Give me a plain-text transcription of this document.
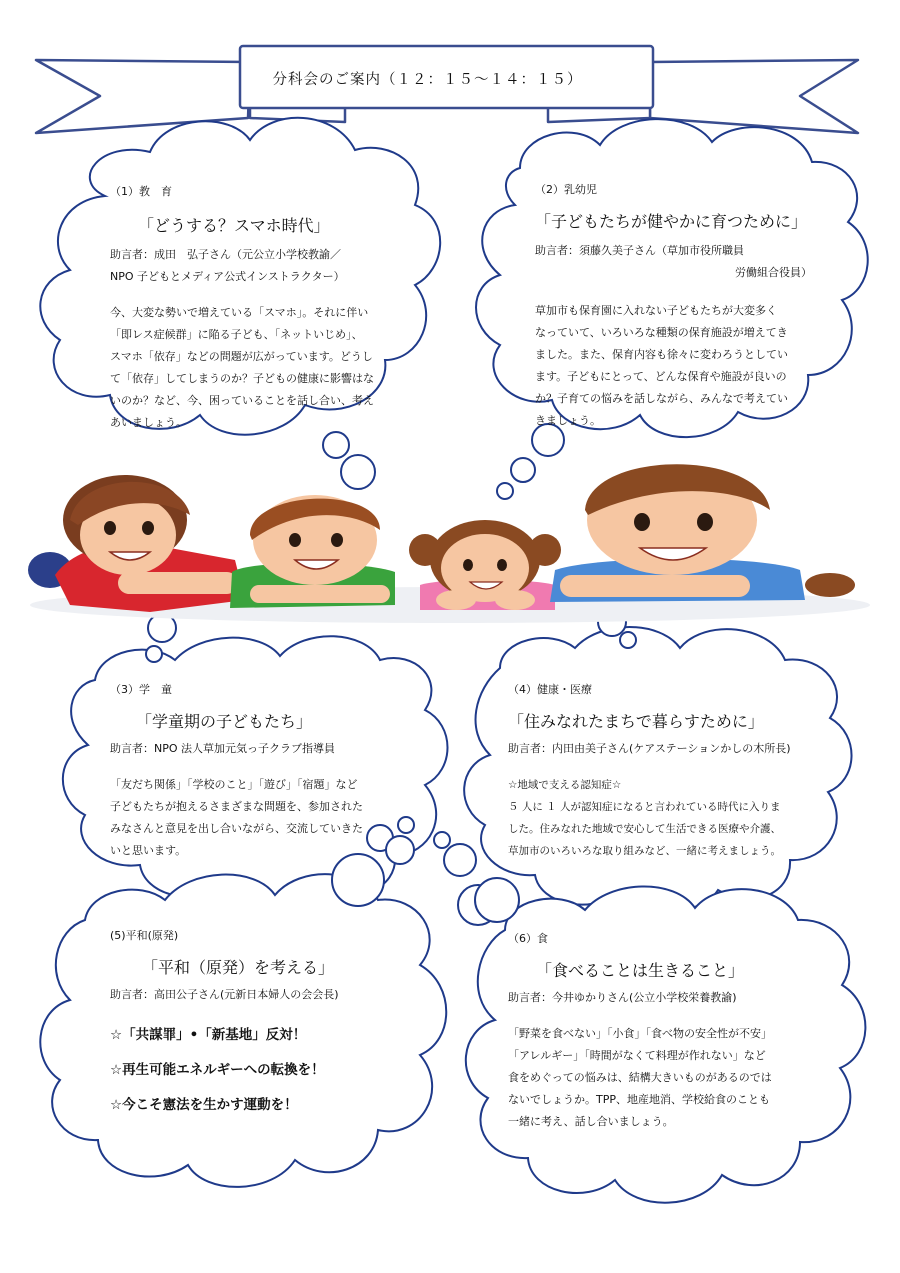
分科会のご案内（１２：１５〜１４：１５）
（1）教　育
「どうする？スマホ時代」
助言者：成田　弘子さん（元公立小学校教諭／
NPO 子どもとメディア公式インストラクター）
今、大変な勢いで増えている「スマホ」。それに伴い
「即レス症候群」に陥る子ども、「ネットいじめ」、
スマホ「依存」などの問題が広がっています。どうし
て「依存」してしまうのか？子どもの健康に影響はな
いのか？など、今、困っていることを話し合い、考え
あいましょう。
（2）乳幼児
「子どもたちが健やかに育つために」
助言者：須藤久美子さん（草加市役所職員
労働組合役員）
草加市も保育園に入れない子どもたちが大変多く
なっていて、いろいろな種類の保育施設が増えてき
ました。また、保育内容も徐々に変わろうとしてい
ます。子どもにとって、どんな保育や施設が良いの
か？子育ての悩みを話しながら、みんなで考えてい
きましょう。
（3）学　童
「学童期の子どもたち」
助言者：NPO 法人草加元気っ子クラブ指導員
「友だち関係」「学校のこと」「遊び」「宿題」など
子どもたちが抱えるさまざまな問題を、参加された
みなさんと意見を出し合いながら、交流していきた
いと思います。
（4）健康・医療
「住みなれたまちで暮らすために」
助言者：内田由美子さん(ケアステーションかしの木所長)
☆地域で支える認知症☆
５ 人に １ 人が認知症になると言われている時代に入りま
した。住みなれた地域で安心して生活できる医療や介護、
草加市のいろいろな取り組みなど、一緒に考えましょう。
(5)平和(原発)
「平和（原発）を考える」
助言者：高田公子さん(元新日本婦人の会会長)
☆「共謀罪」•「新基地」反対！
☆再生可能エネルギーへの転換を！
☆今こそ憲法を生かす運動を！
（6）食
「食べることは生きること」
助言者：今井ゆかりさん(公立小学校栄養教諭)
「野菜を食べない」「小食」「食べ物の安全性が不安」
「アレルギー」「時間がなくて料理が作れない」など
食をめぐっての悩みは、結構大きいものがあるのでは
ないでしょうか。TPP、地産地消、学校給食のことも
一緒に考え、話し合いましょう。
